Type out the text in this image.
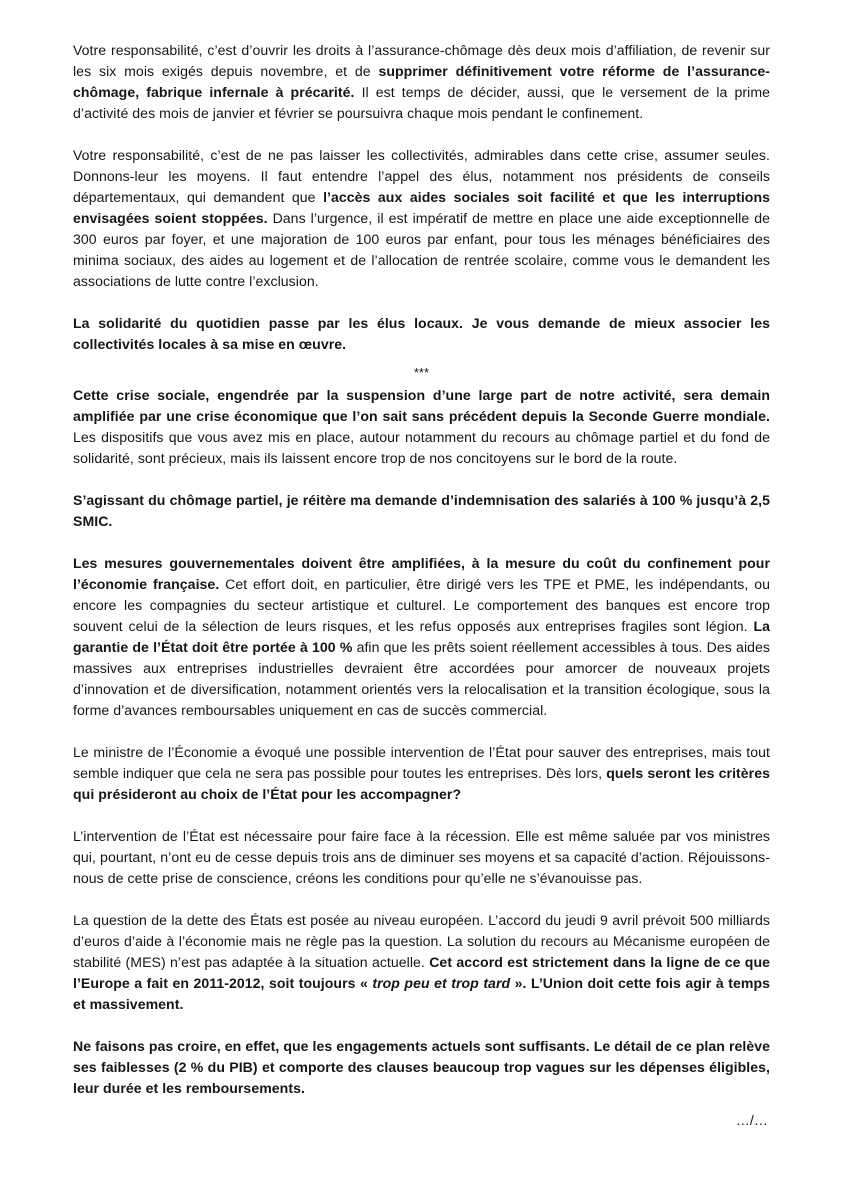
Votre responsabilité, c’est d’ouvrir les droits à l’assurance-chômage dès deux mois d’affiliation, de revenir sur les six mois exigés depuis novembre, et de supprimer définitivement votre réforme de l’assurance-chômage, fabrique infernale à précarité. Il est temps de décider, aussi, que le versement de la prime d’activité des mois de janvier et février se poursuivra chaque mois pendant le confinement.

Votre responsabilité, c’est de ne pas laisser les collectivités, admirables dans cette crise, assumer seules. Donnons-leur les moyens. Il faut entendre l’appel des élus, notamment nos présidents de conseils départementaux, qui demandent que l’accès aux aides sociales soit facilité et que les interruptions envisagées soient stoppées. Dans l’urgence, il est impératif de mettre en place une aide exceptionnelle de 300 euros par foyer, et une majoration de 100 euros par enfant, pour tous les ménages bénéficiaires des minima sociaux, des aides au logement et de l’allocation de rentrée scolaire, comme vous le demandent les associations de lutte contre l’exclusion.

La solidarité du quotidien passe par les élus locaux. Je vous demande de mieux associer les collectivités locales à sa mise en œuvre.

***

Cette crise sociale, engendrée par la suspension d’une large part de notre activité, sera demain amplifiée par une crise économique que l’on sait sans précédent depuis la Seconde Guerre mondiale. Les dispositifs que vous avez mis en place, autour notamment du recours au chômage partiel et du fond de solidarité, sont précieux, mais ils laissent encore trop de nos concitoyens sur le bord de la route.

S’agissant du chômage partiel, je réitère ma demande d’indemnisation des salariés à 100 % jusqu’à 2,5 SMIC.

Les mesures gouvernementales doivent être amplifiées, à la mesure du coût du confinement pour l’économie française. Cet effort doit, en particulier, être dirigé vers les TPE et PME, les indépendants, ou encore les compagnies du secteur artistique et culturel. Le comportement des banques est encore trop souvent celui de la sélection de leurs risques, et les refus opposés aux entreprises fragiles sont légion. La garantie de l’État doit être portée à 100 % afin que les prêts soient réellement accessibles à tous. Des aides massives aux entreprises industrielles devraient être accordées pour amorcer de nouveaux projets d’innovation et de diversification, notamment orientés vers la relocalisation et la transition écologique, sous la forme d’avances remboursables uniquement en cas de succès commercial.

Le ministre de l’Économie a évoqué une possible intervention de l’État pour sauver des entreprises, mais tout semble indiquer que cela ne sera pas possible pour toutes les entreprises. Dès lors, quels seront les critères qui présideront au choix de l’État pour les accompagner?

L’intervention de l’État est nécessaire pour faire face à la récession. Elle est même saluée par vos ministres qui, pourtant, n’ont eu de cesse depuis trois ans de diminuer ses moyens et sa capacité d’action. Réjouissons-nous de cette prise de conscience, créons les conditions pour qu’elle ne s’évanouisse pas.

La question de la dette des États est posée au niveau européen. L’accord du jeudi 9 avril prévoit 500 milliards d’euros d’aide à l’économie mais ne règle pas la question. La solution du recours au Mécanisme européen de stabilité (MES) n’est pas adaptée à la situation actuelle. Cet accord est strictement dans la ligne de ce que l’Europe a fait en 2011-2012, soit toujours « trop peu et trop tard ». L’Union doit cette fois agir à temps et massivement.

Ne faisons pas croire, en effet, que les engagements actuels sont suffisants. Le détail de ce plan relève ses faiblesses (2 % du PIB) et comporte des clauses beaucoup trop vagues sur les dépenses éligibles, leur durée et les remboursements.

…/…
